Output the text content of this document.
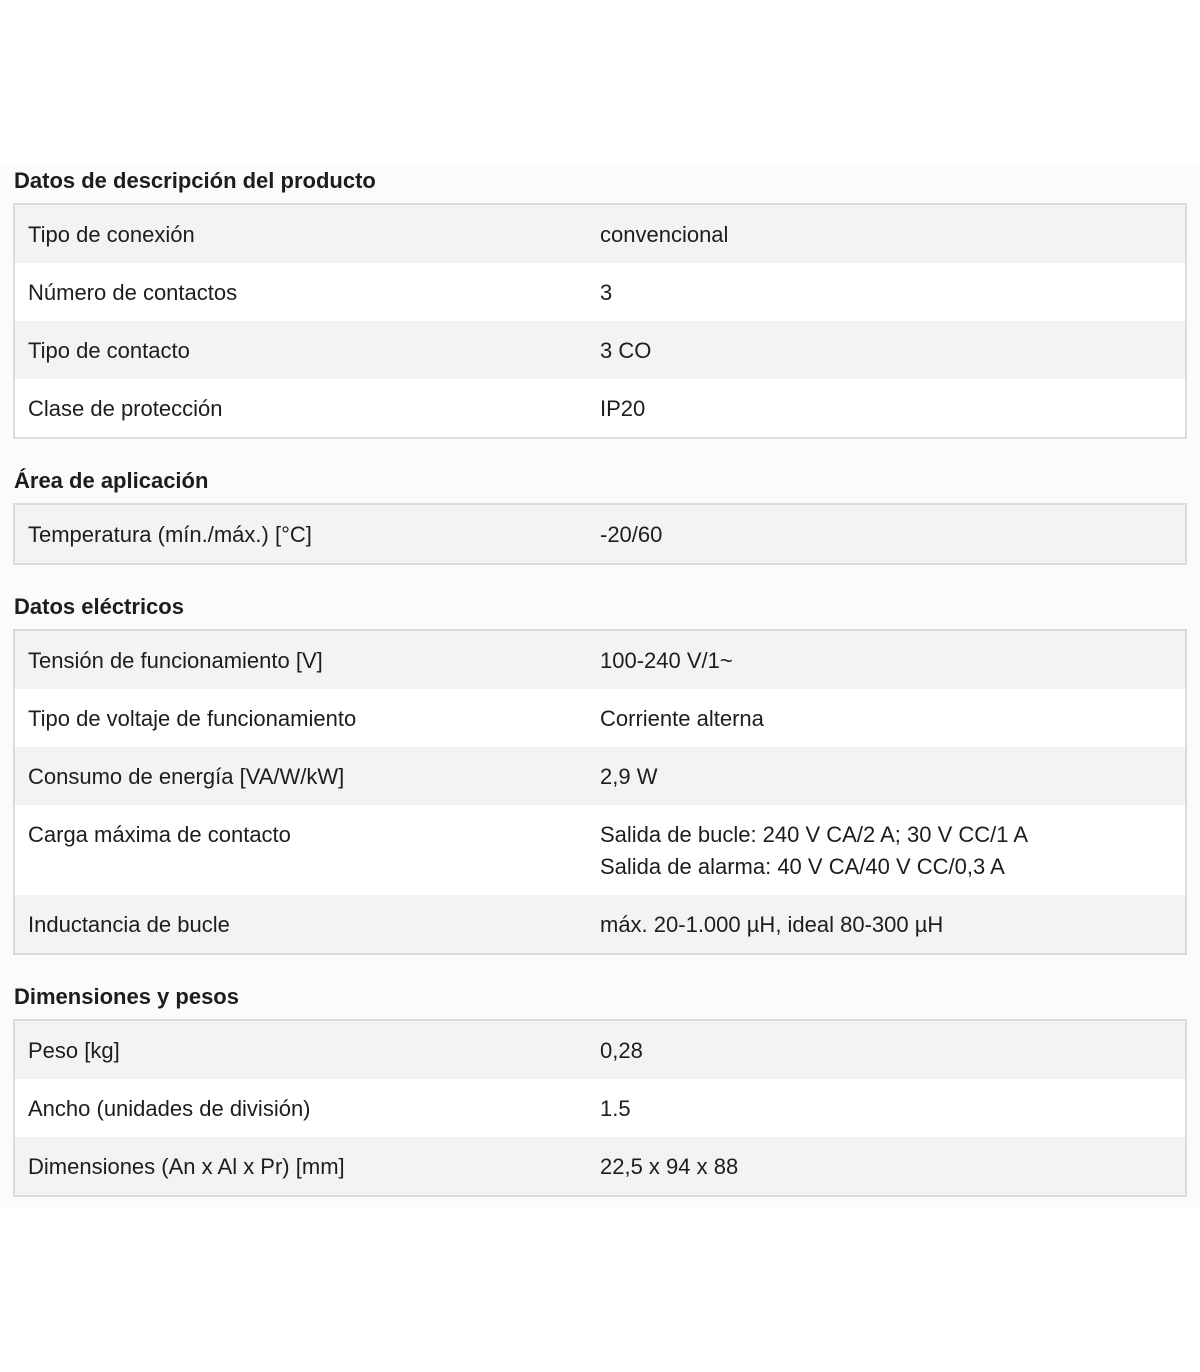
Datos de descripción del producto
Tipo de conexión	convencional
Número de contactos	3
Tipo de contacto	3 CO
Clase de protección	IP20
Área de aplicación
Temperatura (mín./máx.) [°C]	-20/60
Datos eléctricos
Tensión de funcionamiento [V]	100-240 V/1~
Tipo de voltaje de funcionamiento	Corriente alterna
Consumo de energía [VA/W/kW]	2,9 W
Carga máxima de contacto	Salida de bucle: 240 V CA/2 A; 30 V CC/1 A
Salida de alarma: 40 V CA/40 V CC/0,3 A
Inductancia de bucle	máx. 20-1.000 µH, ideal 80-300 µH
Dimensiones y pesos
Peso [kg]	0,28
Ancho (unidades de división)	1.5
Dimensiones (An x Al x Pr) [mm]	22,5 x 94 x 88
